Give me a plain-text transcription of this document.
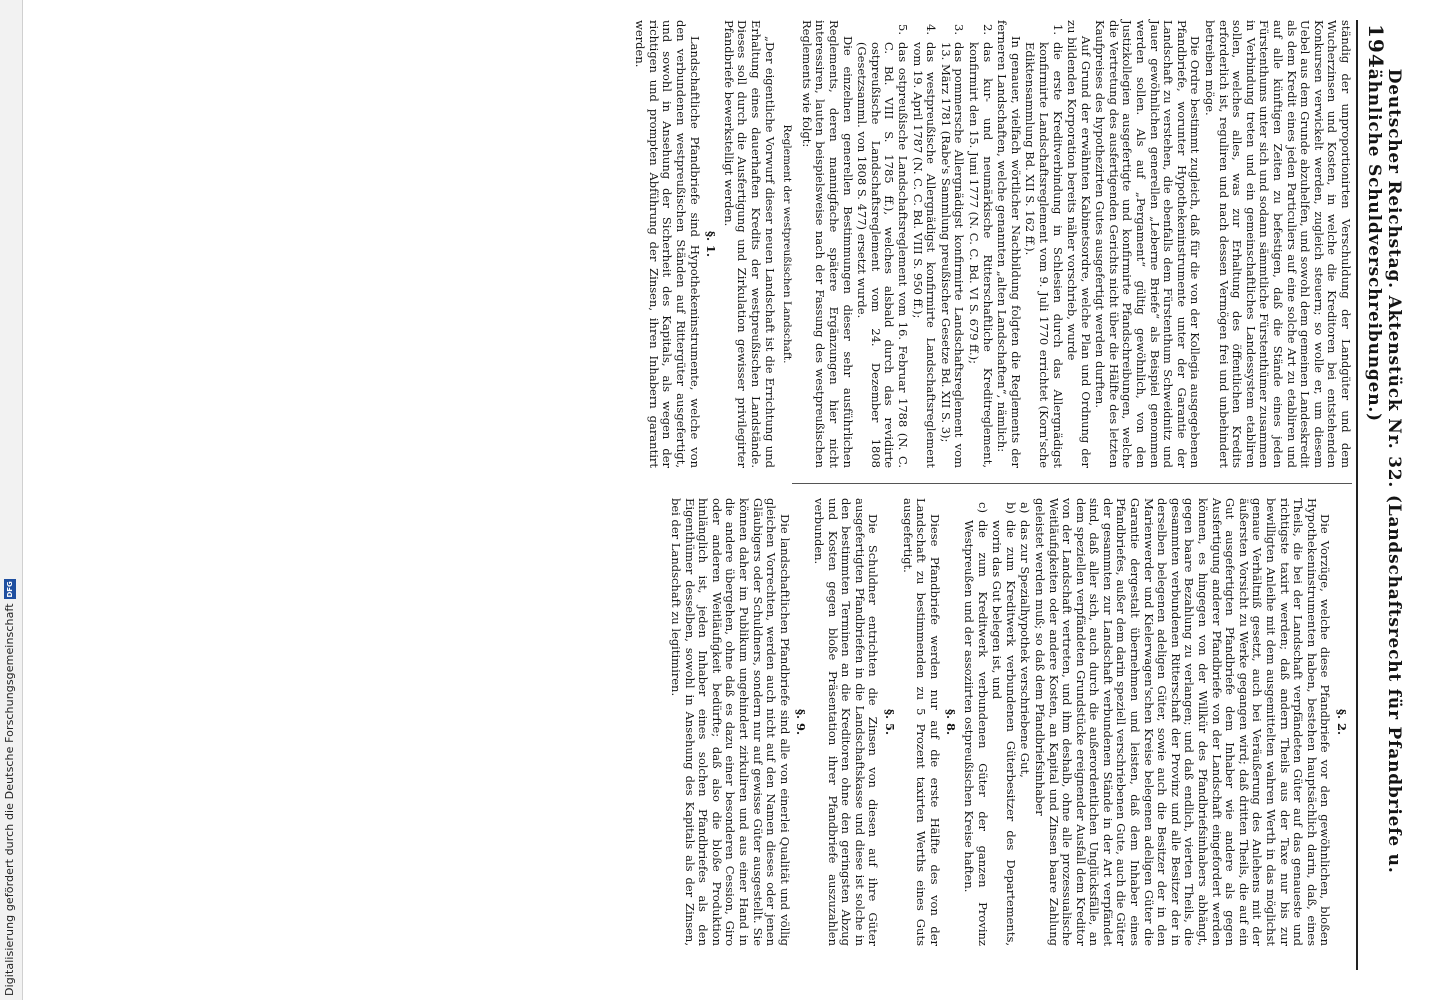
Digitalisierung gefördert durch die Deutsche Forschungsgemeinschaft
DFG
194
Deutscher Reichstag. Aktenstück Nr. 32. (Landschaftsrecht für Pfandbriefe u. ähnliche Schuldverschreibungen.)

ständig der unproportionirten Verschuldung der Landgüter und dem Wucherzinsen und Kosten, in welche die Kreditoren bei entstehenden Konkursen verwickelt werden, zugleich steuern; so wolle er, um diesem Uebel aus dem Grunde abzuhelfen, und sowohl dem gemeinen Landeskredit als dem Kredit eines jeden Particuliers auf eine solche Art zu etabliren und auf alle künftigen Zeiten zu befestigen, daß die Stände eines jeden Fürstenthums unter sich und sodann sämmtliche Fürstenthümer zusammen in Verbindung treten und ein gemeinschaftliches Landessystem etabliren sollen, welches alles, was zur Erhaltung des öffentlichen Kredits erforderlich ist, reguliren und nach dessen Vermögen frei und unbehindert betreiben möge.

Die Ordre bestimmt zugleich, daß für die von der Kollegia ausgegebenen Pfandbriefe, worunter Hypothekeninstrumente unter der Garantie der Landschaft zu verstehen, die ebenfalls dem Fürstenthum Schweidnitz und Jauer gewöhnlichen generellen „Leberne Briefe“ als Beispiel genommen werden sollen. Als auf „Pergament“ gültig gewöhnlich, von den Justizkollegien ausgefertigte und konfirmirte Pfandschreibungen, welche die Vertretung des ausfertigenden Gerichts nicht über die Hälfte des letzten Kaufpreises des hypothezirten Gutes ausgefertigt werden durften.

Auf Grund der erwähnten Kabinetsordre, welche Plan und Ordnung der zu bildenden Korporation bereits näher vorschrieb, wurde

1.
die erste Kreditverbindung in Schlesien durch das Allergnädigst konfirmirte Landschaftsreglement vom 9. Juli 1770 errichtet (Korn'sche Ediktensammlung Bd. XII S. 162 ff.).

In genauer, vielfach wörtlicher Nachbildung folgten die Reglements der ferneren Landschaften, welche genannten „alten Landschaften“, nämlich:

2.
das kur- und neumärkische Ritterschaftliche Kreditreglement, konfirmirt den 15. Juni 1777 (N. C. C. Bd. VI S. 679 ff.);

3.
das pommersche Allergnädigst konfirmirte Landschaftsreglement vom 13. März 1781 (Rabe's Sammlung preußischer Gesetze Bd. XII S. 3);

4.
das westpreußische Allergnädigst konfirmirte Landschaftsreglement vom 19. April 1787 (N. C. C. Bd. VIII S. 950 ff.);

5.
das ostpreußische Landschaftsreglement vom 16. Februar 1788 (N. C. C. Bd. VIII S. 1785 ff.), welches alsbald durch das revidirte ostpreußische Landschaftsreglement vom 24. Dezember 1808 (Gesetzsamml. von 1808 S. 477) ersetzt wurde.

Die einzelnen generellen Bestimmungen dieser sehr ausführlichen Reglements, deren mannigfache spätere Ergänzungen hier nicht interessiren, lauten beispielsweise nach der Fassung des westpreußischen Reglements wie folgt:

Reglement der westpreußischen Landschaft.

„Der eigentliche Vorwurf dieser neuen Landschaft ist die Errichtung und Erhaltung eines dauerhaften Kredits der westpreußischen Landstände. Dieses soll durch die Ausfertigung und Zirkulation gewisser privilegirter Pfandbriefe bewerkstelligt werden.

§. 1.

Landschaftliche Pfandbriefe sind Hypothekeninstrumente, welche von den verbundenen westpreußischen Ständen auf Rittergüter ausgefertigt, und sowohl in Ansehung der Sicherheit des Kapitals, als wegen der richtigen und prompten Abführung der Zinsen, ihren Inhabern garantirt werden.

§. 2.

Die Vorzüge, welche diese Pfandbriefe vor den gewöhnlichen, bloßen Hypothekeninstrumenten haben, bestehen hauptsächlich darin, daß, eines Theils, die bei der Landschaft verpfändeten Güter auf das genaueste und richtigste taxirt werden; daß andern Theils aus der Taxe nur bis zur bewilligten Anleihe mit dem ausgemittelten wahren Werth in das möglichst genaue Verhältniß gesetzt, auch bei Veräußerung des Anlehens mit der äußersten Vorsicht zu Werke gegangen wird; daß dritten Theils, die auf ein Gut ausgefertigten Pfandbriefe dem Inhaber wie andere als gegen Ausfertigung anderer Pfandbriefe von der Landschaft eingefordert werden können, es hingegen von der Willkür des Pfandbriefsinhabers abhängt, gegen baare Bezahlung zu verlangen; und daß endlich, vierten Theils, die gesammten verbundenen Ritterschaft der Provinz und alle Besitzer der in derselben belegenen adeligen Güter, sowie auch die Besitzer der in den Marienwerder und Kielerwagen'schen Kreise belegenen adeligen Güter die Garantie dergestalt übernehmen und leisten, daß dem Inhaber eines Pfandbriefes, außer dem darin speziell verschriebenen Gute, auch die Güter der gesammten zur Landschaft verbundenen Stände in der Art verpfändet sind, daß aller sich, auch durch die außerordentlichen Unglücksfälle, an dem speziellen verpfändeten Grundstücke ereignender Ausfall dem Kreditor von der Landschaft vertreten, und ihm deshalb, ohne alle prozessualische Weitläufigkeiten oder andere Kosten, an Kapital und Zinsen baare Zahlung geleistet werden muß; so daß dem Pfandbriefsinhaber

a)
das zur Spezialhypothek verschriebene Gut,

b)
die zum Kreditwerk verbundenen Güterbesitzer des Departements, worin das Gut belegen ist, und

c)
die zum Kreditwerk verbundenen Güter der ganzen Provinz Westpreußen und der assoziirten ostpreußischen Kreise haften.

§. 8.

Diese Pfandbriefe werden nur auf die erste Hälfte des von der Landschaft zu bestimmenden zu 5 Prozent taxirten Werths eines Guts ausgefertigt.

§. 5.

Die Schuldner entrichten die Zinsen von diesen auf ihre Güter ausgefertigten Pfandbriefen in die Landschaftskasse und diese ist solche in den bestimmten Terminen an die Kreditoren ohne den geringsten Abzug und Kosten gegen bloße Präsentation ihrer Pfandbriefe auszuzahlen verbunden.

§. 9.

Die landschaftlichen Pfandbriefe sind alle von einerlei Qualität und völlig gleichen Vorrechten, werden auch nicht auf den Namen dieses oder jenen Gläubigers oder Schuldners, sondern nur auf gewisse Güter ausgestellt. Sie können daher im Publikum ungehindert zirkuliren und aus einer Hand in die andere übergehen, ohne daß es dazu einer besonderen Cession, Giro oder anderen Weitläufigkeit bedürfte; daß also die bloße Produktion hinlänglich ist, jeden Inhaber eines solchen Pfandbriefes als den Eigenthümer desselben, sowohl in Ansehung des Kapitals als der Zinsen, bei der Landschaft zu legitimiren.
